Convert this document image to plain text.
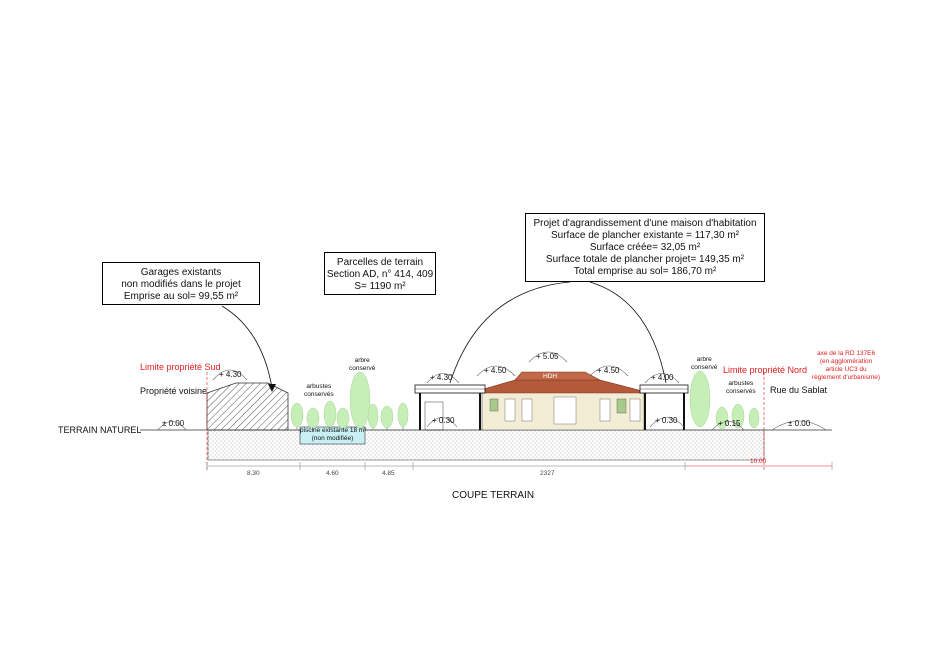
Garages existants
non modifiés dans le projet
Emprise au sol= 99,55 m²
Parcelles de terrain
Section AD, n° 414, 409
S= 1190 m²
Projet d'agrandissement d'une maison d'habitation
Surface de plancher existante = 117,30 m²
Surface créée= 32,05 m²
Surface totale de plancher projet= 149,35 m²
Total emprise au sol= 186,70 m²
TERRAIN NATUREL
Limite propriété Sud
Propriété voisine
Limite propriété Nord
Rue du Sablat
arbustes
conservés
arbre
conservé
arbre
conservé
arbustes
conservés
piscine existante 18 m²
(non modifiée)
axe de la RD 137E6
(en agglomération
article UC3 du
règlement d'urbanisme)
HDH
± 0.00
+ 4.30	+ 4.30
+ 4.50
+ 5.05
+ 4.50
+ 4.00
+ 0.30	+ 0.30	+ 0.15	± 0.00
8.30	4.60	4.85	2327
10.00
COUPE TERRAIN
